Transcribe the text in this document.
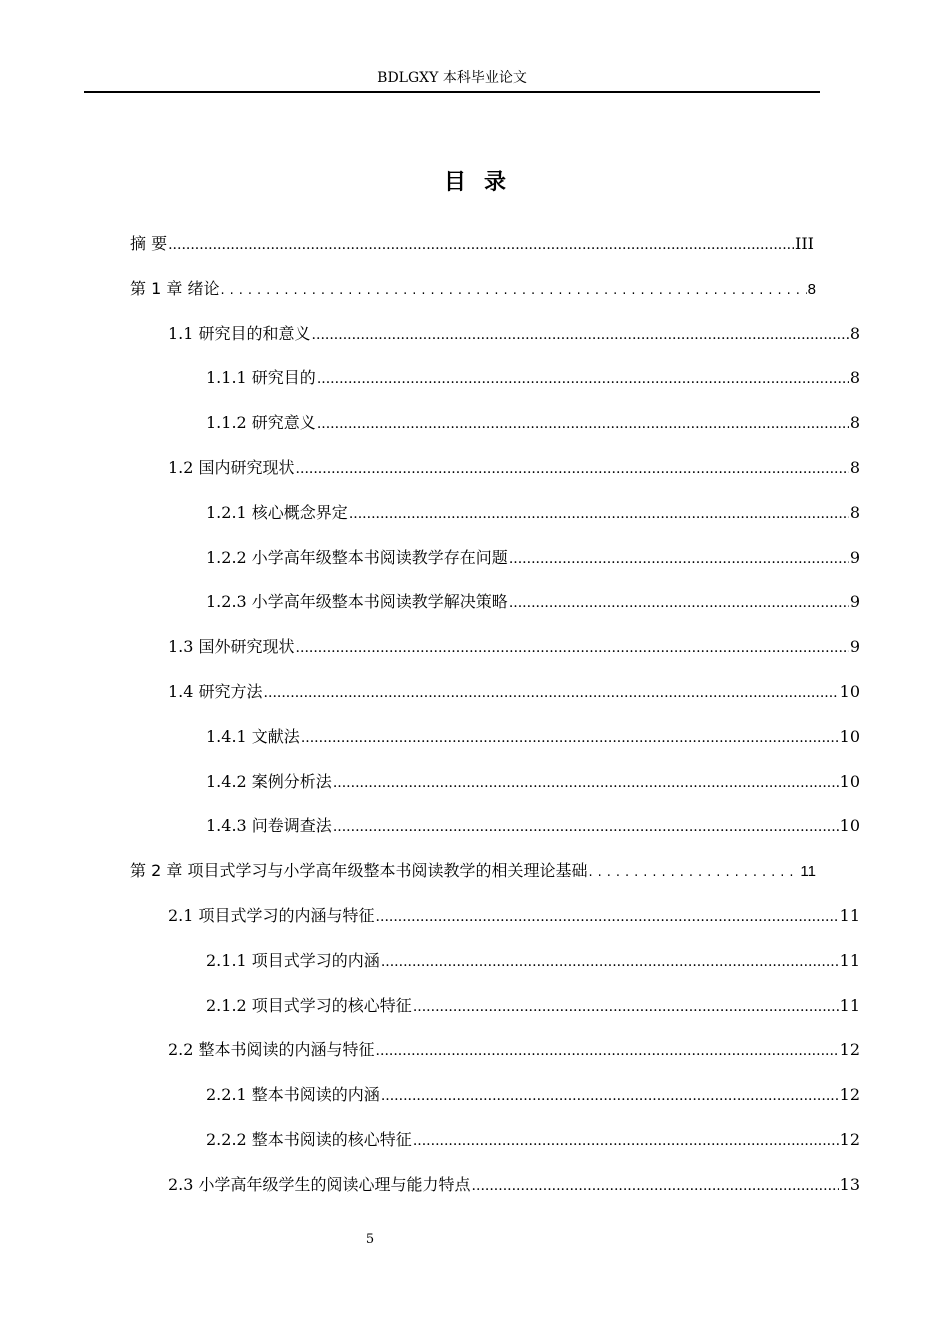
BDLGXY 本科毕业论文
目录
摘 要 .....	III
第 1 章 绪论 .....	8
1.1 研究目的和意义 .....	8
1.1.1 研究目的 .....	8
1.1.2 研究意义 .....	8
1.2 国内研究现状 .....	8
1.2.1 核心概念界定 .....	8
1.2.2 小学高年级整本书阅读教学存在问题 .....	9
1.2.3 小学高年级整本书阅读教学解决策略 .....	9
1.3 国外研究现状 .....	9
1.4 研究方法 .....	10
1.4.1 文献法 .....	10
1.4.2 案例分析法 .....	10
1.4.3 问卷调查法 .....	10
第 2 章 项目式学习与小学高年级整本书阅读教学的相关理论基础 .....	11
2.1 项目式学习的内涵与特征 .....	11
2.1.1 项目式学习的内涵 .....	11
2.1.2 项目式学习的核心特征 .....	11
2.2 整本书阅读的内涵与特征 .....	12
2.2.1 整本书阅读的内涵 .....	12
2.2.2 整本书阅读的核心特征 .....	12
2.3 小学高年级学生的阅读心理与能力特点 .....	13
5
